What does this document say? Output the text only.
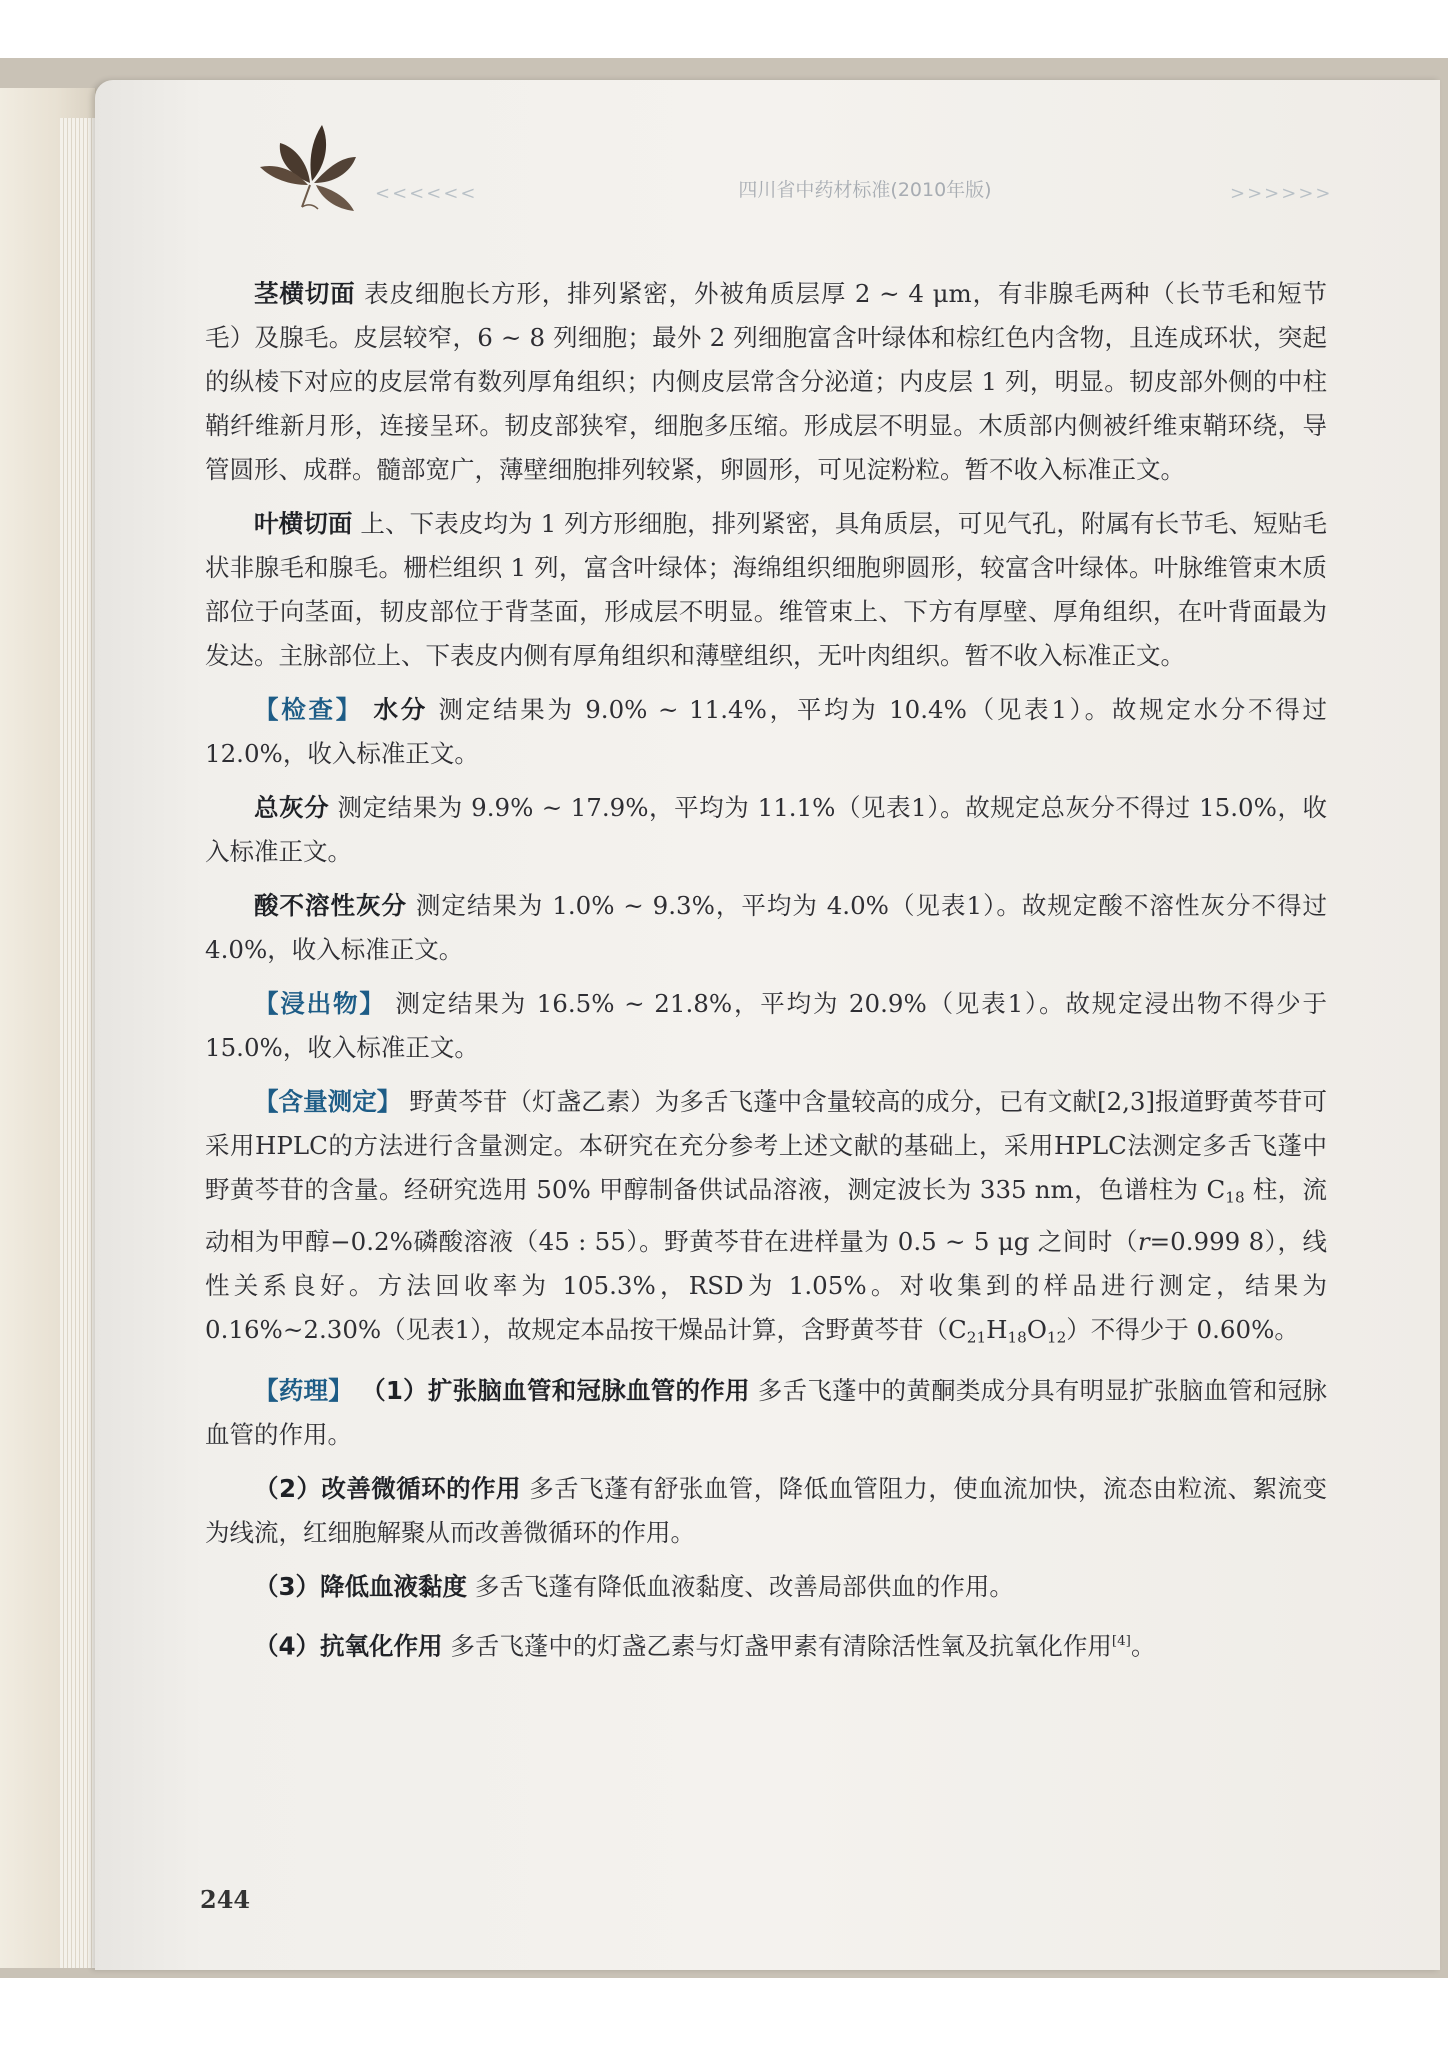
<<<<<<	四川省中药材标准(2010年版)	>>>>>>

茎横切面 表皮细胞长方形，排列紧密，外被角质层厚 2 ~ 4 μm，有非腺毛两种（长节毛和短节毛）及腺毛。皮层较窄，6 ~ 8 列细胞；最外 2 列细胞富含叶绿体和棕红色内含物，且连成环状，突起的纵棱下对应的皮层常有数列厚角组织；内侧皮层常含分泌道；内皮层 1 列，明显。韧皮部外侧的中柱鞘纤维新月形，连接呈环。韧皮部狭窄，细胞多压缩。形成层不明显。木质部内侧被纤维束鞘环绕，导管圆形、成群。髓部宽广，薄壁细胞排列较紧，卵圆形，可见淀粉粒。暂不收入标准正文。

叶横切面 上、下表皮均为 1 列方形细胞，排列紧密，具角质层，可见气孔，附属有长节毛、短贴毛状非腺毛和腺毛。栅栏组织 1 列，富含叶绿体；海绵组织细胞卵圆形，较富含叶绿体。叶脉维管束木质部位于向茎面，韧皮部位于背茎面，形成层不明显。维管束上、下方有厚壁、厚角组织，在叶背面最为发达。主脉部位上、下表皮内侧有厚角组织和薄壁组织，无叶肉组织。暂不收入标准正文。

【检查】 水分 测定结果为 9.0% ~ 11.4%，平均为 10.4%（见表1）。故规定水分不得过 12.0%，收入标准正文。

总灰分 测定结果为 9.9% ~ 17.9%，平均为 11.1%（见表1）。故规定总灰分不得过 15.0%，收入标准正文。

酸不溶性灰分 测定结果为 1.0% ~ 9.3%，平均为 4.0%（见表1）。故规定酸不溶性灰分不得过 4.0%，收入标准正文。

【浸出物】 测定结果为 16.5% ~ 21.8%，平均为 20.9%（见表1）。故规定浸出物不得少于 15.0%，收入标准正文。

【含量测定】 野黄芩苷（灯盏乙素）为多舌飞蓬中含量较高的成分，已有文献[2,3]报道野黄芩苷可采用HPLC的方法进行含量测定。本研究在充分参考上述文献的基础上，采用HPLC法测定多舌飞蓬中野黄芩苷的含量。经研究选用 50% 甲醇制备供试品溶液，测定波长为 335 nm，色谱柱为 $C_{18}$ 柱，流动相为甲醇−0.2%磷酸溶液（45 : 55）。野黄芩苷在进样量为 0.5 ~ 5 μg 之间时（r=0.999 8），线性关系良好。方法回收率为 105.3%，RSD为 1.05%。对收集到的样品进行测定，结果为 0.16%~2.30%（见表1），故规定本品按干燥品计算，含野黄芩苷$(C_{21}H_{18}O_{12})$不得少于 0.60%。

【药理】 （1）扩张脑血管和冠脉血管的作用 多舌飞蓬中的黄酮类成分具有明显扩张脑血管和冠脉血管的作用。

（2）改善微循环的作用 多舌飞蓬有舒张血管，降低血管阻力，使血流加快，流态由粒流、絮流变为线流，红细胞解聚从而改善微循环的作用。

（3）降低血液黏度 多舌飞蓬有降低血液黏度、改善局部供血的作用。

（4）抗氧化作用 多舌飞蓬中的灯盏乙素与灯盏甲素有清除活性氧及抗氧化作用[4]。

244
